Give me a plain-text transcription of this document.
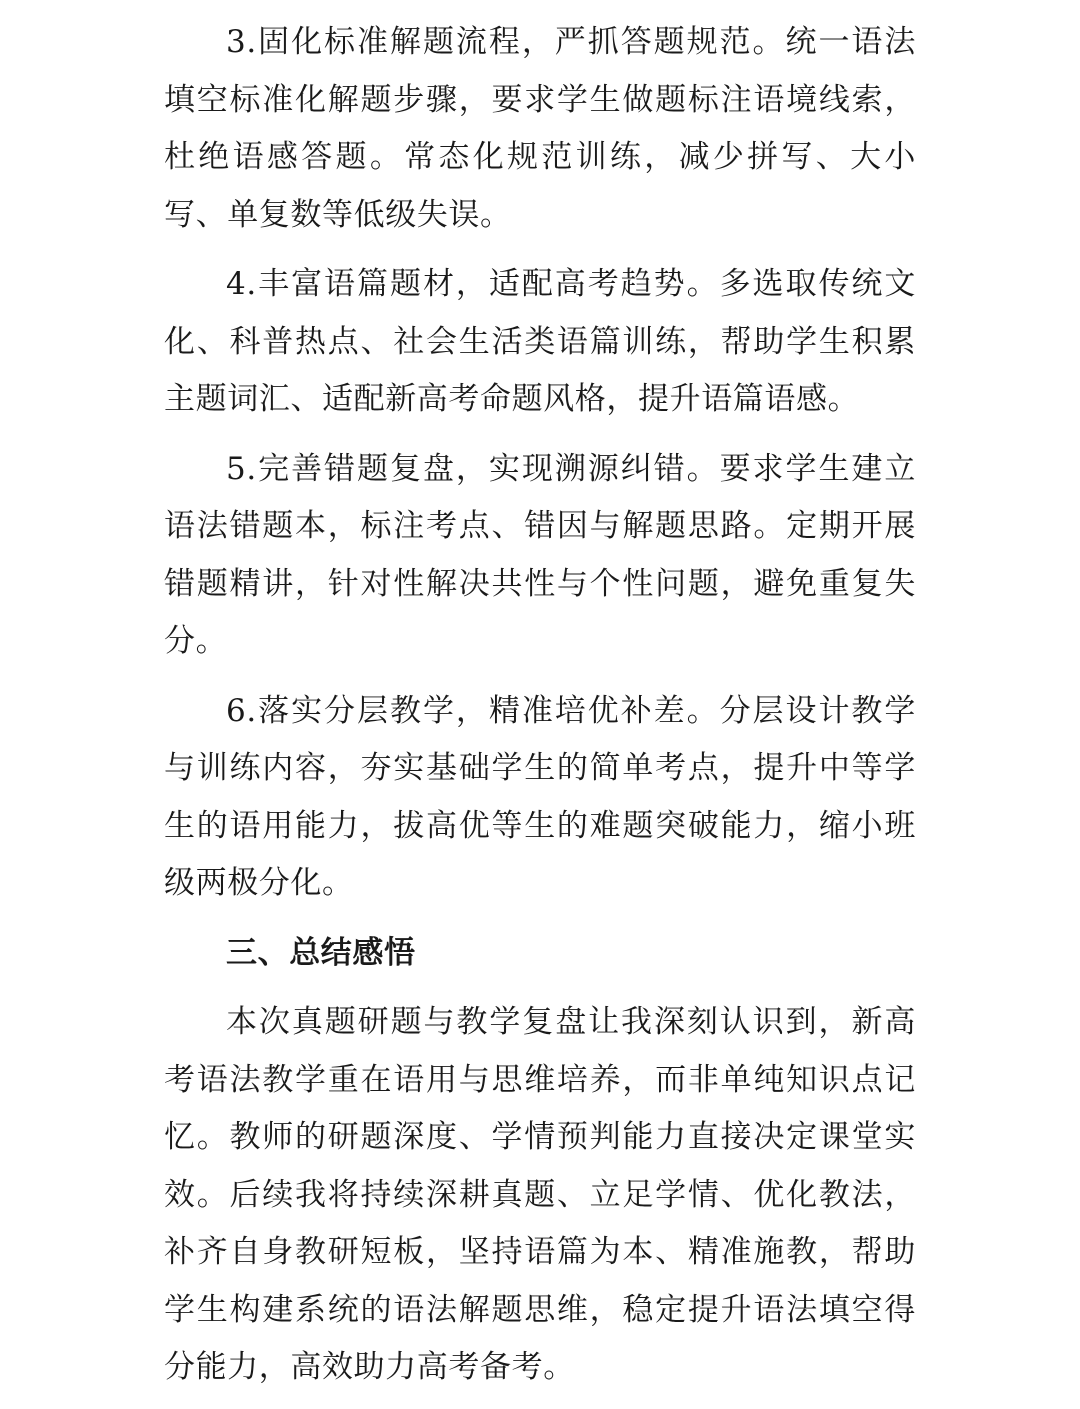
3.固化标准解题流程，严抓答题规范。统一语法填空标准化解题步骤，要求学生做题标注语境线索，杜绝语感答题。常态化规范训练，减少拼写、大小写、单复数等低级失误。

4.丰富语篇题材，适配高考趋势。多选取传统文化、科普热点、社会生活类语篇训练，帮助学生积累主题词汇、适配新高考命题风格，提升语篇语感。

5.完善错题复盘，实现溯源纠错。要求学生建立语法错题本，标注考点、错因与解题思路。定期开展错题精讲，针对性解决共性与个性问题，避免重复失分。

6.落实分层教学，精准培优补差。分层设计教学与训练内容，夯实基础学生的简单考点，提升中等学生的语用能力，拔高优等生的难题突破能力，缩小班级两极分化。

三、总结感悟

本次真题研题与教学复盘让我深刻认识到，新高考语法教学重在语用与思维培养，而非单纯知识点记忆。教师的研题深度、学情预判能力直接决定课堂实效。后续我将持续深耕真题、立足学情、优化教法，补齐自身教研短板，坚持语篇为本、精准施教，帮助学生构建系统的语法解题思维，稳定提升语法填空得分能力，高效助力高考备考。
